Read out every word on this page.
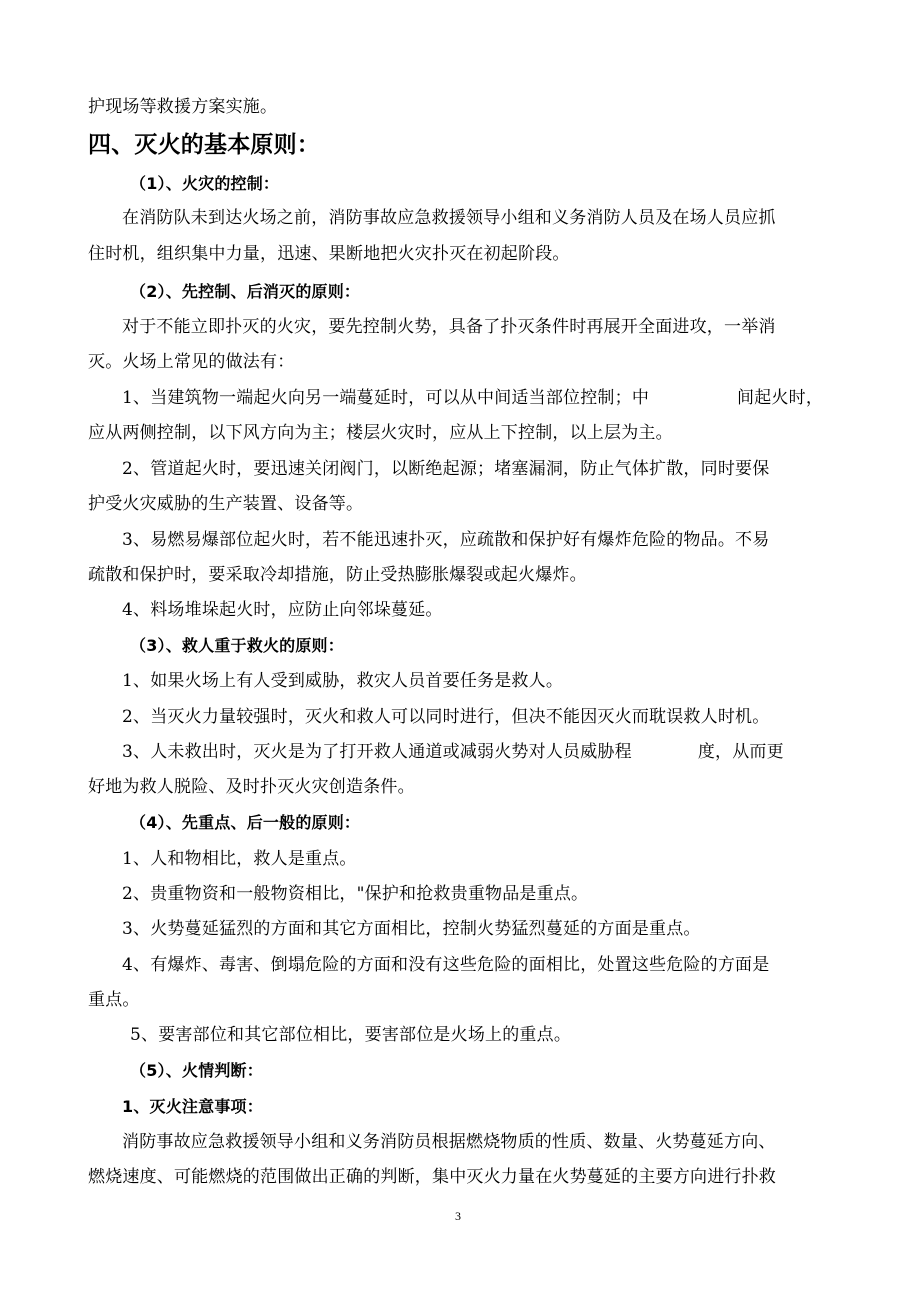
护现场等救援方案实施。
四、灭火的基本原则：
（1）、火灾的控制：
在消防队未到达火场之前，消防事故应急救援领导小组和义务消防人员及在场人员应抓
住时机，组织集中力量，迅速、果断地把火灾扑灭在初起阶段。
（2）、先控制、后消灭的原则：
对于不能立即扑灭的火灾，要先控制火势，具备了扑灭条件时再展开全面进攻，一举消
灭。火场上常见的做法有：
1、当建筑物一端起火向另一端蔓延时，可以从中间适当部位控制；中	间起火时，
应从两侧控制，以下风方向为主；楼层火灾时，应从上下控制，以上层为主。
2、管道起火时，要迅速关闭阀门，以断绝起源；堵塞漏洞，防止气体扩散，同时要保
护受火灾威胁的生产装置、设备等。
3、易燃易爆部位起火时，若不能迅速扑灭，应疏散和保护好有爆炸危险的物品。不易
疏散和保护时，要采取冷却措施，防止受热膨胀爆裂或起火爆炸。
4、料场堆垛起火时，应防止向邻垛蔓延。
（3）、救人重于救火的原则：
1、如果火场上有人受到威胁，救灾人员首要任务是救人。
2、当灭火力量较强时，灭火和救人可以同时进行，但决不能因灭火而耽误救人时机。
3、人未救出时，灭火是为了打开救人通道或减弱火势对人员威胁程	度，从而更
好地为救人脱险、及时扑灭火灾创造条件。
（4）、先重点、后一般的原则：
1、人和物相比，救人是重点。
2、贵重物资和一般物资相比，"保护和抢救贵重物品是重点。
3、火势蔓延猛烈的方面和其它方面相比，控制火势猛烈蔓延的方面是重点。
4、有爆炸、毒害、倒塌危险的方面和没有这些危险的面相比，处置这些危险的方面是
重点。
5、要害部位和其它部位相比，要害部位是火场上的重点。
（5）、火情判断：
1、灭火注意事项：
消防事故应急救援领导小组和义务消防员根据燃烧物质的性质、数量、火势蔓延方向、
燃烧速度、可能燃烧的范围做出正确的判断，集中灭火力量在火势蔓延的主要方向进行扑救
3
